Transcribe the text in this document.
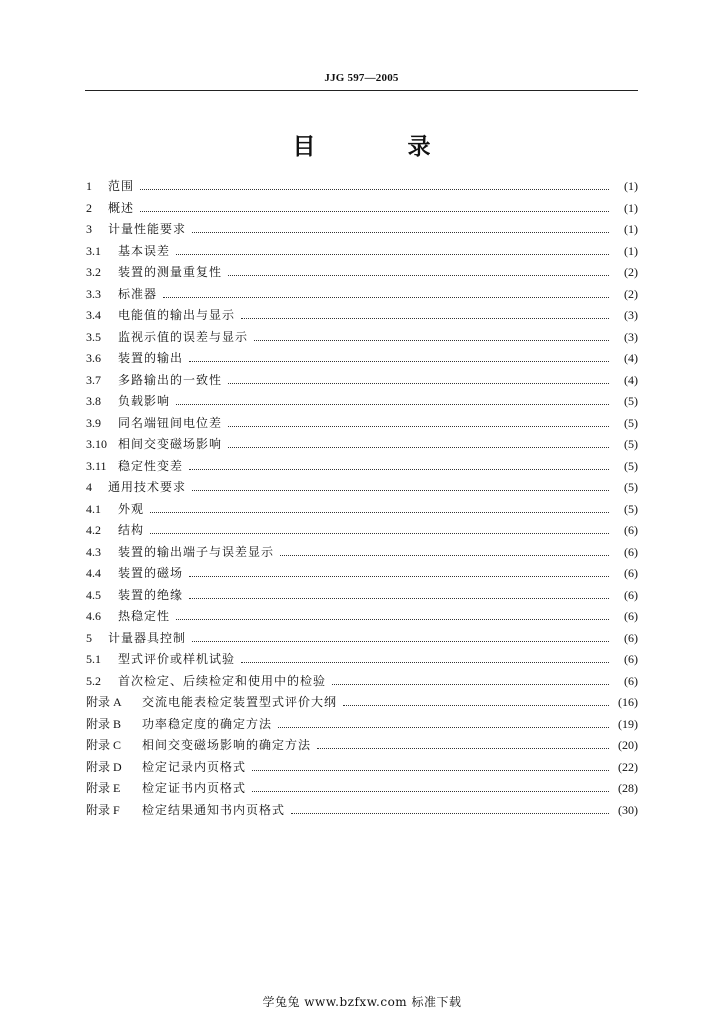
JJG 597—2005
目 录
1	范围	(1)
2	概述	(1)
3	计量性能要求	(1)
3.1	基本误差	(1)
3.2	装置的测量重复性	(2)
3.3	标准器	(2)
3.4	电能值的输出与显示	(3)
3.5	监视示值的误差与显示	(3)
3.6	装置的输出	(4)
3.7	多路输出的一致性	(4)
3.8	负载影响	(5)
3.9	同名端钮间电位差	(5)
3.10 相间交变磁场影响	(5)
3.11 稳定性变差	(5)
4	通用技术要求	(5)
4.1	外观	(5)
4.2	结构	(6)
4.3	装置的输出端子与误差显示	(6)
4.4	装置的磁场	(6)
4.5	装置的绝缘	(6)
4.6	热稳定性	(6)
5	计量器具控制	(6)
5.1	型式评价或样机试验	(6)
5.2	首次检定、后续检定和使用中的检验	(6)
附录 A	交流电能表检定装置型式评价大纲	(16)
附录 B	功率稳定度的确定方法	(19)
附录 C	相间交变磁场影响的确定方法	(20)
附录 D	检定记录内页格式	(22)
附录 E	检定证书内页格式	(28)
附录 F	检定结果通知书内页格式	(30)
学兔兔 www.bzfxw.com 标准下载
